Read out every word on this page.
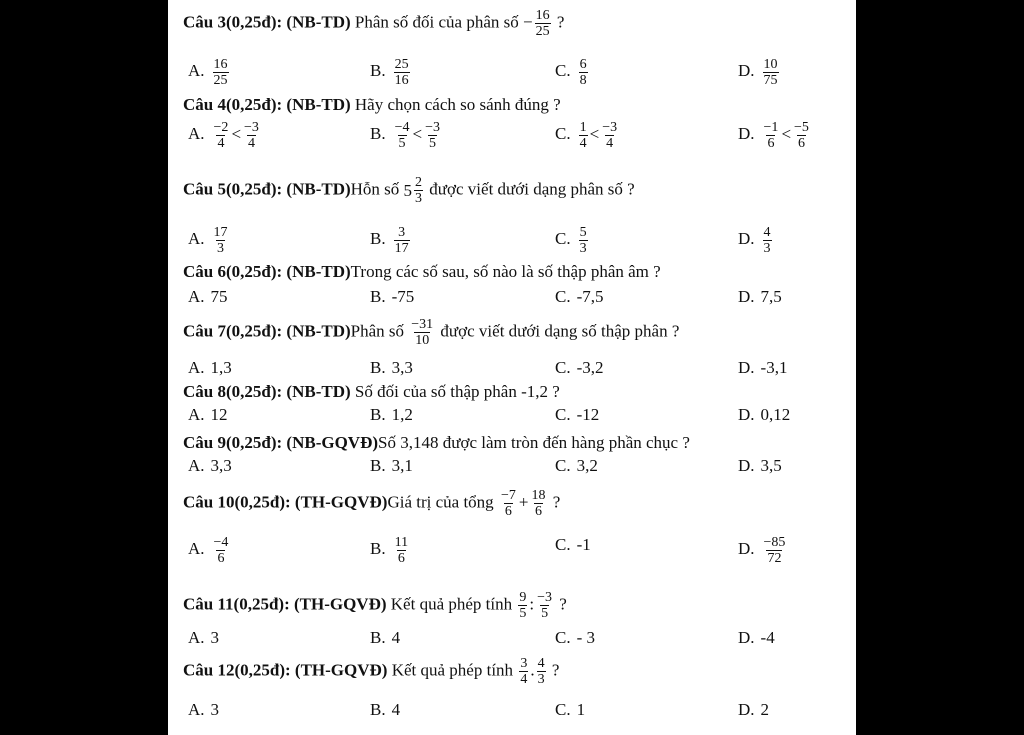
Câu 3(0,25đ): (NB-TD) Phân số đối của phân số − $\frac{16}{25}$ ?
A. $\frac{16}{25}$	B. $\frac{25}{16}$	C. $\frac{6}{8}$	D. $\frac{10}{75}$
Câu 4(0,25đ): (NB-TD) Hãy chọn cách so sánh đúng ?
A. $\frac{-2}{4} < \frac{-3}{4}$	B. $\frac{-4}{5} < \frac{-3}{5}$	C. $\frac{1}{4} < \frac{-3}{4}$	D. $\frac{-1}{6} < \frac{-5}{6}$
Câu 5(0,25đ): (NB-TD)Hỗn số $5 \frac{2}{3}$ được viết dưới dạng phân số ?
A. $\frac{17}{3}$	B. $\frac{3}{17}$	C. $\frac{5}{3}$	D. $\frac{4}{3}$
Câu 6(0,25đ): (NB-TD)Trong các số sau, số nào là số thập phân âm ?
A. 75	B. -75	C. -7,5	D. 7,5
Câu 7(0,25đ): (NB-TD)Phân số $\frac{-31}{10}$ được viết dưới dạng số thập phân ?
A. 1,3	B. 3,3	C. -3,2	D. -3,1
Câu 8(0,25đ): (NB-TD) Số đối của số thập phân -1,2 ?
A. 12	B. 1,2	C. -12	D. 0,12
Câu 9(0,25đ): (NB-GQVĐ)Số 3,148 được làm tròn đến hàng phần chục ?
A. 3,3	B. 3,1	C. 3,2	D. 3,5
Câu 10(0,25đ): (TH-GQVĐ)Giá trị của tổng $\frac{-7}{6} + \frac{18}{6}$ ?
A. $\frac{-4}{6}$	B. $\frac{11}{6}$	C. -1	D. $\frac{-85}{72}$
Câu 11(0,25đ): (TH-GQVĐ) Kết quả phép tính $\frac{9}{5}$ : $\frac{-3}{5}$ ?
A. 3	B. 4	C. - 3	D. -4
Câu 12(0,25đ): (TH-GQVĐ) Kết quả phép tính $\frac{3}{4}$ . $\frac{4}{3}$ ?
A. 3	B. 4	C. 1	D. 2
